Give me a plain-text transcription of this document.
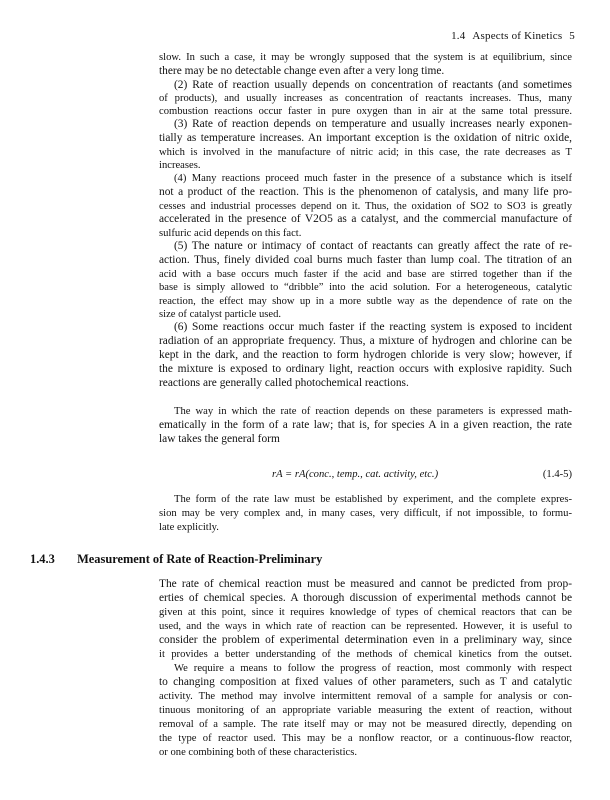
1.4 Aspects of Kinetics 5
slow. In such a case, it may be wrongly supposed that the system is at equilibrium, since
there may be no detectable change even after a very long time.
(2) Rate of reaction usually depends on concentration of reactants (and sometimes
of products), and usually increases as concentration of reactants increases. Thus, many
combustion reactions occur faster in pure oxygen than in air at the same total pressure.
(3) Rate of reaction depends on temperature and usually increases nearly exponen-
tially as temperature increases. An important exception is the oxidation of nitric oxide,
which is involved in the manufacture of nitric acid; in this case, the rate decreases as T
increases.
(4) Many reactions proceed much faster in the presence of a substance which is itself
not a product of the reaction. This is the phenomenon of catalysis, and many life pro-
cesses and industrial processes depend on it. Thus, the oxidation of SO2 to SO3 is greatly
accelerated in the presence of V2O5 as a catalyst, and the commercial manufacture of
sulfuric acid depends on this fact.
(5) The nature or intimacy of contact of reactants can greatly affect the rate of re-
action. Thus, finely divided coal burns much faster than lump coal. The titration of an
acid with a base occurs much faster if the acid and base are stirred together than if the
base is simply allowed to “dribble” into the acid solution. For a heterogeneous, catalytic
reaction, the effect may show up in a more subtle way as the dependence of rate on the
size of catalyst particle used.
(6) Some reactions occur much faster if the reacting system is exposed to incident
radiation of an appropriate frequency. Thus, a mixture of hydrogen and chlorine can be
kept in the dark, and the reaction to form hydrogen chloride is very slow; however, if
the mixture is exposed to ordinary light, reaction occurs with explosive rapidity. Such
reactions are generally called photochemical reactions.
The way in which the rate of reaction depends on these parameters is expressed math-
ematically in the form of a rate law; that is, for species A in a given reaction, the rate
law takes the general form
The form of the rate law must be established by experiment, and the complete expres-
sion may be very complex and, in many cases, very difficult, if not impossible, to formu-
late explicitly.
The rate of chemical reaction must be measured and cannot be predicted from prop-
erties of chemical species. A thorough discussion of experimental methods cannot be
given at this point, since it requires knowledge of types of chemical reactors that can be
used, and the ways in which rate of reaction can be represented. However, it is useful to
consider the problem of experimental determination even in a preliminary way, since
it provides a better understanding of the methods of chemical kinetics from the outset.
We require a means to follow the progress of reaction, most commonly with respect
to changing composition at fixed values of other parameters, such as T and catalytic
activity. The method may involve intermittent removal of a sample for analysis or con-
tinuous monitoring of an appropriate variable measuring the extent of reaction, without
removal of a sample. The rate itself may or may not be measured directly, depending on
the type of reactor used. This may be a nonflow reactor, or a continuous-flow reactor,
or one combining both of these characteristics.
rA = rA(conc., temp., cat. activity, etc.)	(1.4-5)
1.4.3 Measurement of Rate of Reaction-Preliminary
